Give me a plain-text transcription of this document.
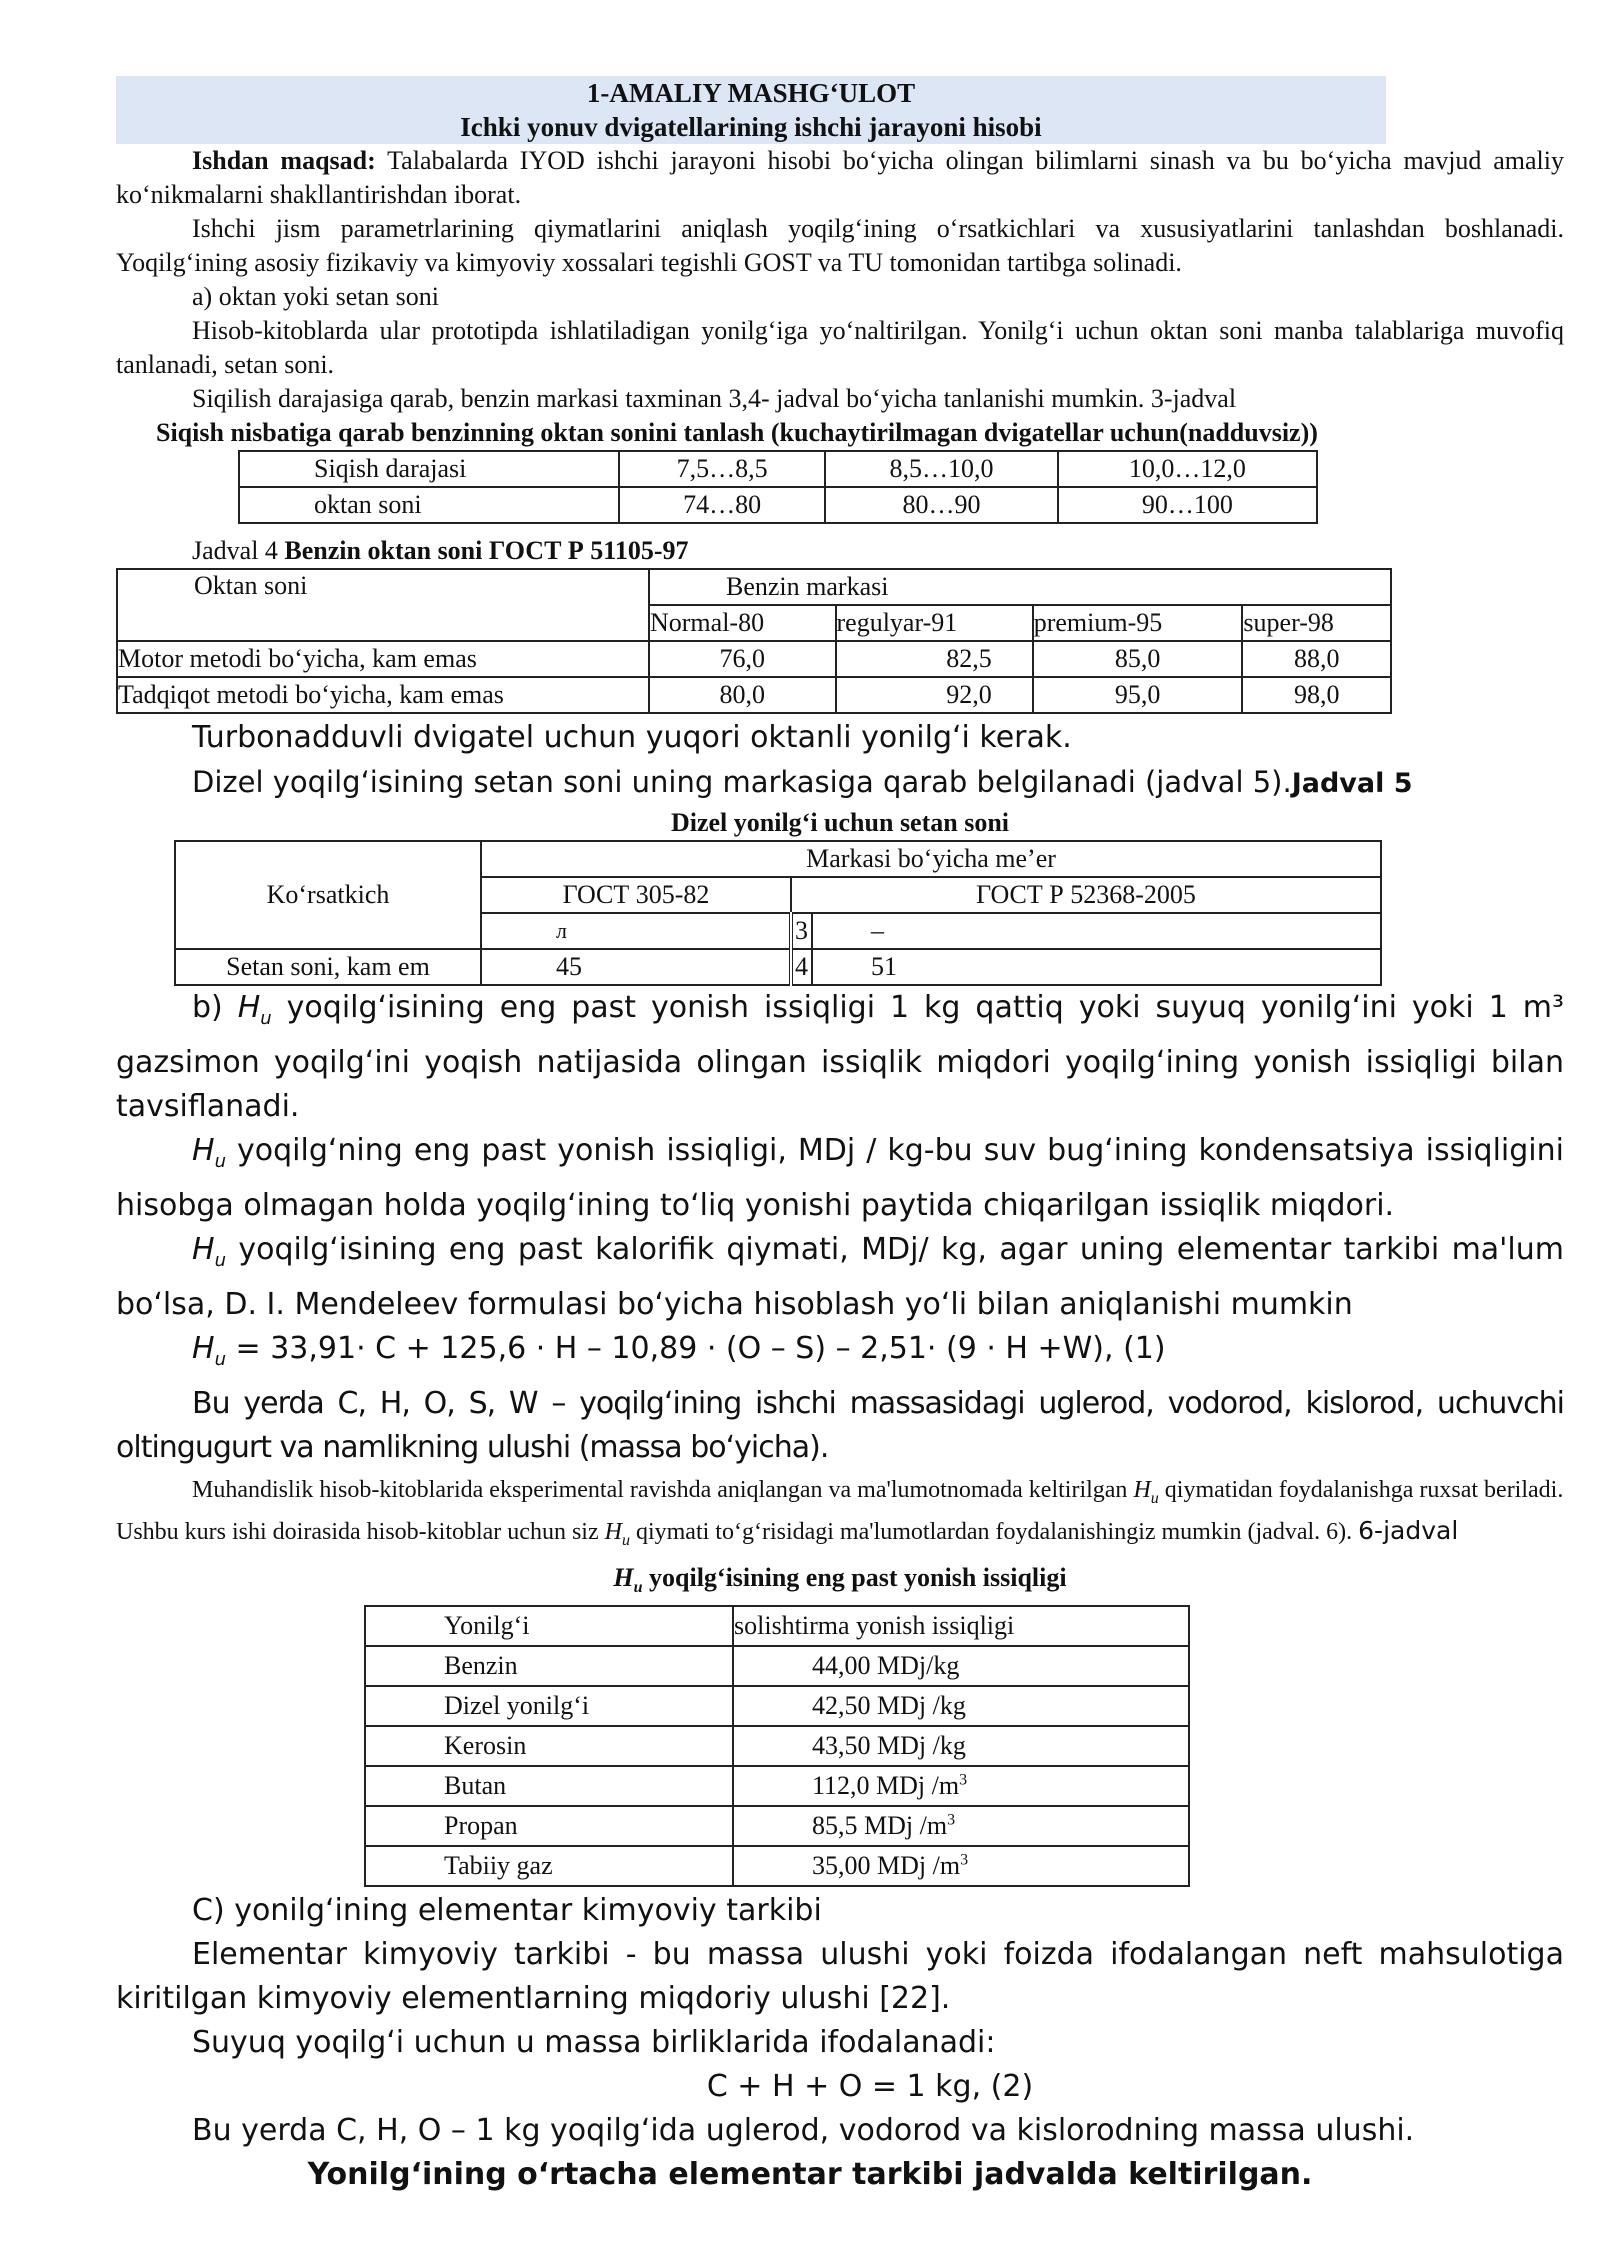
1-AMALIY MASHG‘ULOT
Ichki yonuv dvigatellarining ishchi jarayoni hisobi

Ishdan maqsad: Talabalarda IYOD ishchi jarayoni hisobi bo‘yicha olingan bilimlarni sinash va bu bo‘yicha mavjud amaliy ko‘nikmalarni shakllantirishdan iborat.

Ishchi jism parametrlarining qiymatlarini aniqlash yoqilg‘ining o‘rsatkichlari va xususiyatlarini tanlashdan boshlanadi. Yoqilg‘ining asosiy fizikaviy va kimyoviy xossalari tegishli GOST va TU tomonidan tartibga solinadi.

a) oktan yoki setan soni

Hisob-kitoblarda ular prototipda ishlatiladigan yonilg‘iga yo‘naltirilgan. Yonilg‘i uchun oktan soni manba talablariga muvofiq tanlanadi, setan soni.

Siqilish darajasiga qarab, benzin markasi taxminan 3,4- jadval bo‘yicha tanlanishi mumkin. 3-jadval

Siqish nisbatiga qarab benzinning oktan sonini tanlash (kuchaytirilmagan dvigatellar uchun(nadduvsiz))

Siqish darajasi	7,5…8,5	8,5…10,0	10,0…12,0
oktan soni	74…80	80…90	90…100

Jadval 4 Benzin oktan soni ГОСТ Р 51105-97

Oktan soni	Benzin markasi			
	Normal-80	regulyar-91	premium-95	super-98
Motor metodi bo‘yicha, kam emas	76,0	82,5	85,0	88,0
Tadqiqot metodi bo‘yicha, kam emas	80,0	92,0	95,0	98,0

Turbonadduvli dvigatel uchun yuqori oktanli yonilg‘i kerak.

Dizel yoqilg‘isining setan soni uning markasiga qarab belgilanadi (jadval 5).Jadval 5

Dizel yonilg‘i uchun setan soni

Ko‘rsatkich	Markasi bo‘yicha me’er		
	ГОСТ 305-82	ГОСТ Р 52368-2005	
	л	3	–
Setan soni, kam em	45	4	51

b) $H_u$ yoqilg‘isining eng past yonish issiqligi 1 kg qattiq yoki suyuq yonilg‘ini yoki 1 m³ gazsimon yoqilg‘ini yoqish natijasida olingan issiqlik miqdori yoqilg‘ining yonish issiqligi bilan tavsiflanadi.

$H_u$ yoqilg‘ning eng past yonish issiqligi, MDj / kg-bu suv bug‘ining kondensatsiya issiqligini hisobga olmagan holda yoqilg‘ining to‘liq yonishi paytida chiqarilgan issiqlik miqdori.

$H_u$ yoqilg‘isining eng past kalorifik qiymati, MDj/ kg, agar uning elementar tarkibi ma'lum bo‘lsa, D. I. Mendeleev formulasi bo‘yicha hisoblash yo‘li bilan aniqlanishi mumkin

$H_u = 33,91\cdot C + 125,6 \cdot H - 10,89 \cdot (O - S) - 2,51\cdot (9 \cdot H +W)$, (1)

Bu yerda C, H, O, S, W – yoqilg‘ining ishchi massasidagi uglerod, vodorod, kislorod, uchuvchi oltingugurt va namlikning ulushi (massa bo‘yicha).

Muhandislik hisob-kitoblarida eksperimental ravishda aniqlangan va ma'lumotnomada keltirilgan $H_u$ qiymatidan foydalanishga ruxsat beriladi.

Ushbu kurs ishi doirasida hisob-kitoblar uchun siz $H_u$ qiymati to‘g‘risidagi ma'lumotlardan foydalanishingiz mumkin (jadval. 6). 6-jadval

$H_u$ yoqilg‘isining eng past yonish issiqligi

Yonilg‘i	solishtirma yonish issiqligi
Benzin	44,00 MDj/kg
Dizel yonilg‘i	42,50 MDj /kg
Kerosin	43,50 MDj /kg
Butan	112,0 MDj $/m^3$
Propan	85,5 MDj $/m^3$
Tabiiy gaz	35,00 MDj $/m^3$

C) yonilg‘ining elementar kimyoviy tarkibi

Elementar kimyoviy tarkibi - bu massa ulushi yoki foizda ifodalangan neft mahsulotiga kiritilgan kimyoviy elementlarning miqdoriy ulushi [22].

Suyuq yoqilg‘i uchun u massa birliklarida ifodalanadi:

C + H + O = 1 kg, (2)

Bu yerda C, H, O – 1 kg yoqilg‘ida uglerod, vodorod va kislorodning massa ulushi.

Yonilg‘ining o‘rtacha elementar tarkibi jadvalda keltirilgan.
